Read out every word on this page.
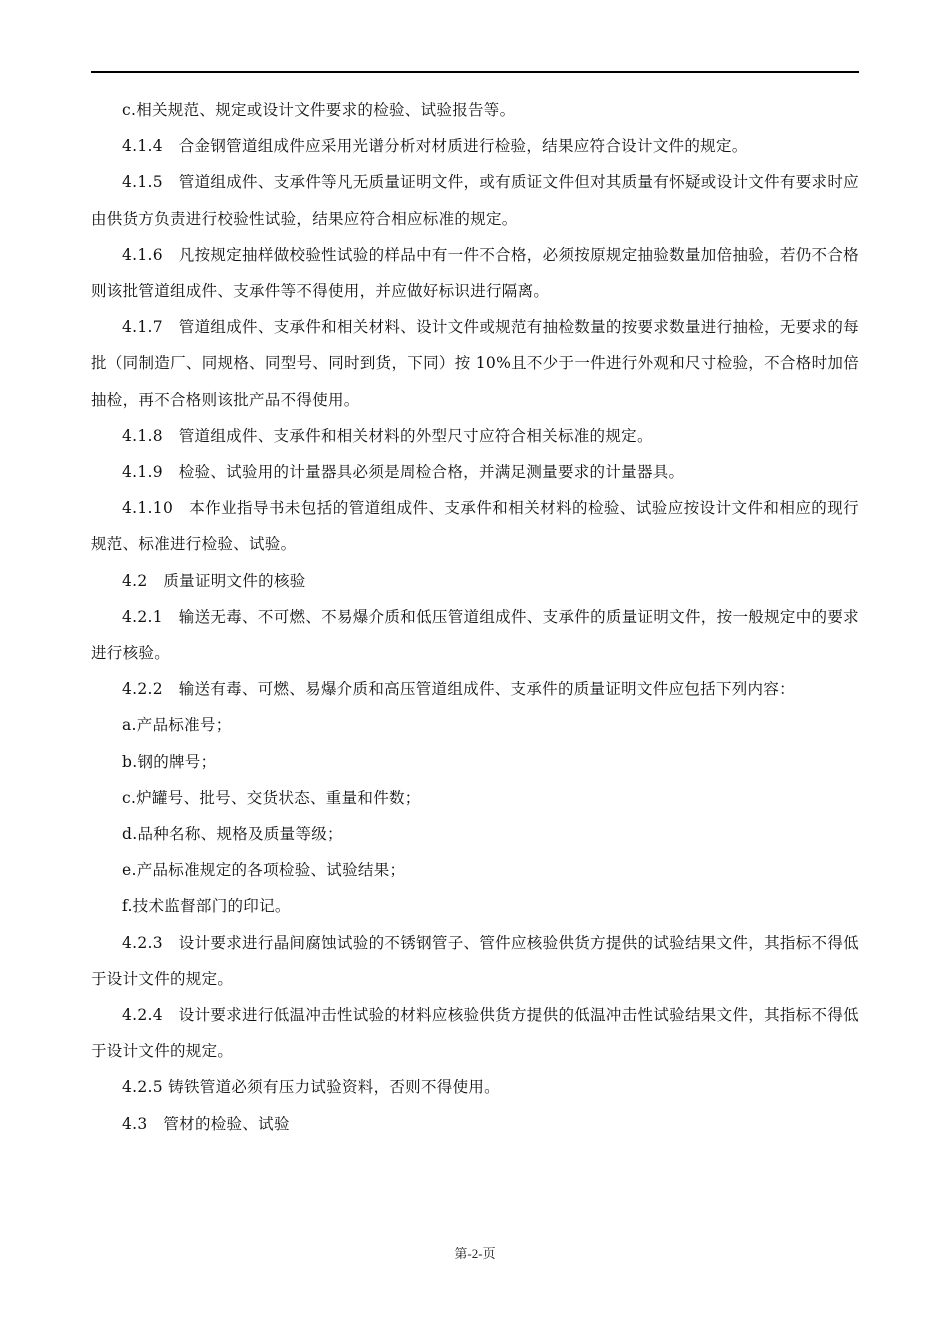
c.相关规范、规定或设计文件要求的检验、试验报告等。

4.1.4　合金钢管道组成件应采用光谱分析对材质进行检验，结果应符合设计文件的规定。

4.1.5　管道组成件、支承件等凡无质量证明文件，或有质证文件但对其质量有怀疑或设计文件有要求时应由供货方负责进行校验性试验，结果应符合相应标准的规定。

4.1.6　凡按规定抽样做校验性试验的样品中有一件不合格，必须按原规定抽验数量加倍抽验，若仍不合格则该批管道组成件、支承件等不得使用，并应做好标识进行隔离。

4.1.7　管道组成件、支承件和相关材料、设计文件或规范有抽检数量的按要求数量进行抽检，无要求的每批（同制造厂、同规格、同型号、同时到货，下同）按 10%且不少于一件进行外观和尺寸检验，不合格时加倍抽检，再不合格则该批产品不得使用。

4.1.8　管道组成件、支承件和相关材料的外型尺寸应符合相关标准的规定。

4.1.9　检验、试验用的计量器具必须是周检合格，并满足测量要求的计量器具。

4.1.10　本作业指导书未包括的管道组成件、支承件和相关材料的检验、试验应按设计文件和相应的现行规范、标准进行检验、试验。

4.2　质量证明文件的核验

4.2.1　输送无毒、不可燃、不易爆介质和低压管道组成件、支承件的质量证明文件，按一般规定中的要求进行核验。

4.2.2　输送有毒、可燃、易爆介质和高压管道组成件、支承件的质量证明文件应包括下列内容：

a.产品标准号；

b.钢的牌号；

c.炉罐号、批号、交货状态、重量和件数；

d.品种名称、规格及质量等级；

e.产品标准规定的各项检验、试验结果；

f.技术监督部门的印记。

4.2.3　设计要求进行晶间腐蚀试验的不锈钢管子、管件应核验供货方提供的试验结果文件，其指标不得低于设计文件的规定。

4.2.4　设计要求进行低温冲击性试验的材料应核验供货方提供的低温冲击性试验结果文件，其指标不得低于设计文件的规定。

4.2.5 铸铁管道必须有压力试验资料，否则不得使用。

4.3　管材的检验、试验

第-2-页
